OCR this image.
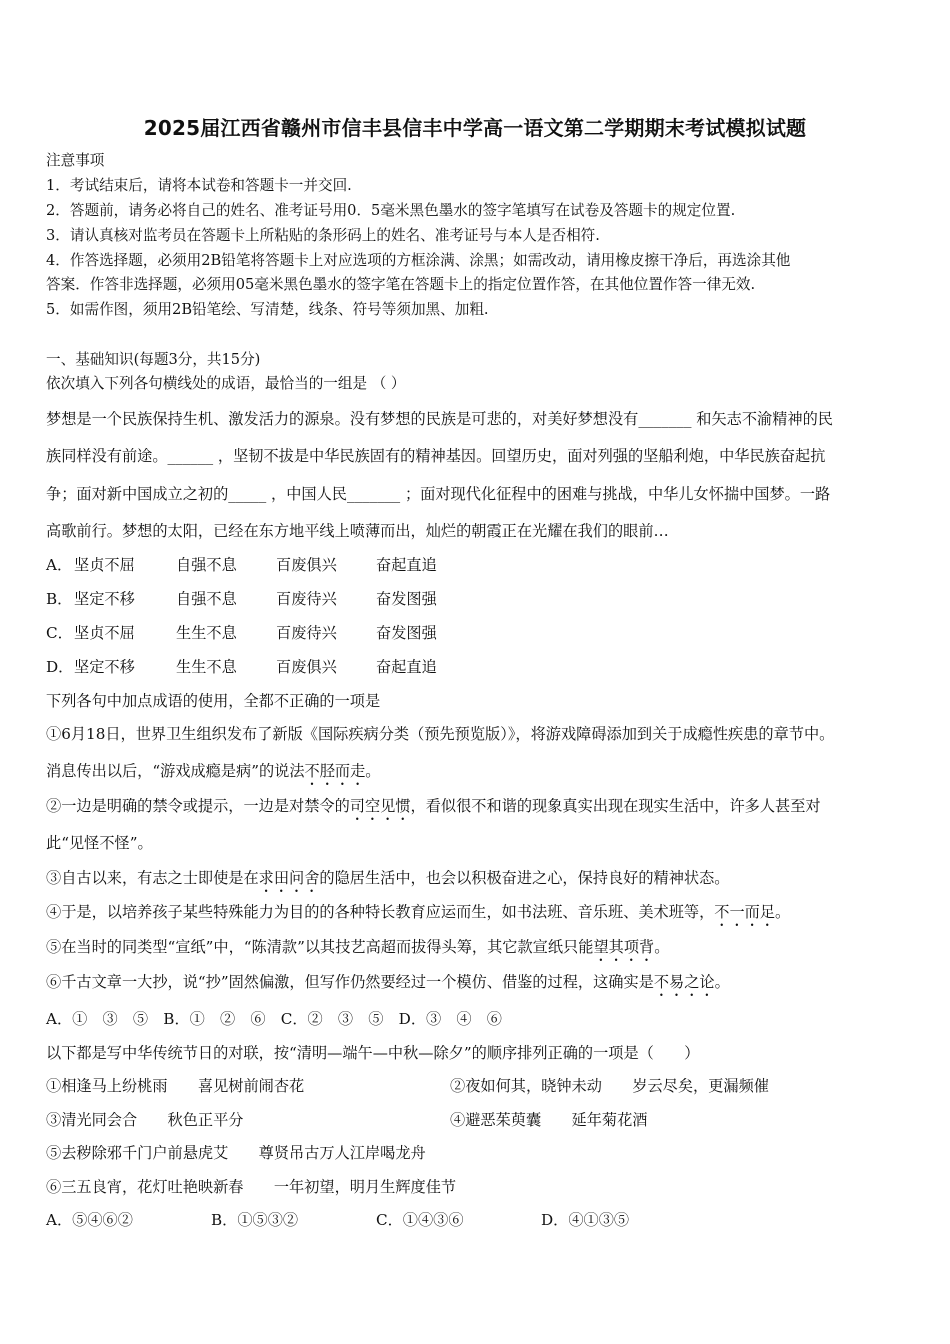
2025届江西省赣州市信丰县信丰中学高一语文第二学期期末考试模拟试题
注意事项
1．考试结束后，请将本试卷和答题卡一并交回.
2．答题前，请务必将自己的姓名、准考证号用0．5毫米黑色墨水的签字笔填写在试卷及答题卡的规定位置.
3．请认真核对监考员在答题卡上所粘贴的条形码上的姓名、准考证号与本人是否相符.
4．作答选择题，必须用2B铅笔将答题卡上对应选项的方框涂满、涂黑；如需改动，请用橡皮擦干净后，再选涂其他
答案．作答非选择题，必须用05毫米黑色墨水的签字笔在答题卡上的指定位置作答，在其他位置作答一律无效.
5．如需作图，须用2B铅笔绘、写清楚，线条、符号等须加黑、加粗.
一、基础知识(每题3分，共15分)
依次填入下列各句横线处的成语，最恰当的一组是 （ ）
梦想是一个民族保持生机、激发活力的源泉。没有梦想的民族是可悲的，对美好梦想没有_______ 和矢志不渝精神的民
族同样没有前途。______ ，坚韧不拔是中华民族固有的精神基因。回望历史，面对列强的坚船利炮，中华民族奋起抗
争；面对新中国成立之初的_____ ，中国人民_______ ；面对现代化征程中的困难与挑战，中华儿女怀揣中国梦。一路
高歌前行。梦想的太阳，已经在东方地平线上喷薄而出，灿烂的朝霞正在光耀在我们的眼前…
A． 坚贞不屈	自强不息	百废俱兴	奋起直追
B． 坚定不移	自强不息	百废待兴	奋发图强
C． 坚贞不屈	生生不息	百废待兴	奋发图强
D． 坚定不移	生生不息	百废俱兴	奋起直追
下列各句中加点成语的使用，全都不正确的一项是
①6月18日，世界卫生组织发布了新版《国际疾病分类（预先预览版）》，将游戏障碍添加到关于成瘾性疾患的章节中。
消息传出以后，“游戏成瘾是病”的说法不胫而走。
②一边是明确的禁令或提示，一边是对禁令的司空见惯，看似很不和谐的现象真实出现在现实生活中，许多人甚至对
此“见怪不怪”。
③自古以来，有志之士即使是在求田问舍的隐居生活中，也会以积极奋进之心，保持良好的精神状态。
④于是，以培养孩子某些特殊能力为目的的各种特长教育应运而生，如书法班、音乐班、美术班等，不一而足。
⑤在当时的同类型“宣纸”中，“陈清款”以其技艺高超而拔得头筹，其它款宣纸只能望其项背。
⑥千古文章一大抄，说“抄”固然偏激，但写作仍然要经过一个模仿、借鉴的过程，这确实是不易之论。
A．①　③　⑤　B．①　②　⑥　C．②　③　⑤　D．③　④　⑥
以下都是写中华传统节日的对联，按“清明—端午—中秋—除夕”的顺序排列正确的一项是（　　）
①相逢马上纷桃雨　　喜见树前闹杏花	②夜如何其，晓钟未动　　岁云尽矣，更漏频催
③清光同会合　　秋色正平分	④避恶茱萸囊　　延年菊花酒
⑤去秽除邪千门户前悬虎艾　　尊贤吊古万人江岸喝龙舟
⑥三五良宵，花灯吐艳映新春　　一年初望，明月生辉度佳节
A．⑤④⑥②	B．①⑤③②	C．①④③⑥	D．④①③⑤
